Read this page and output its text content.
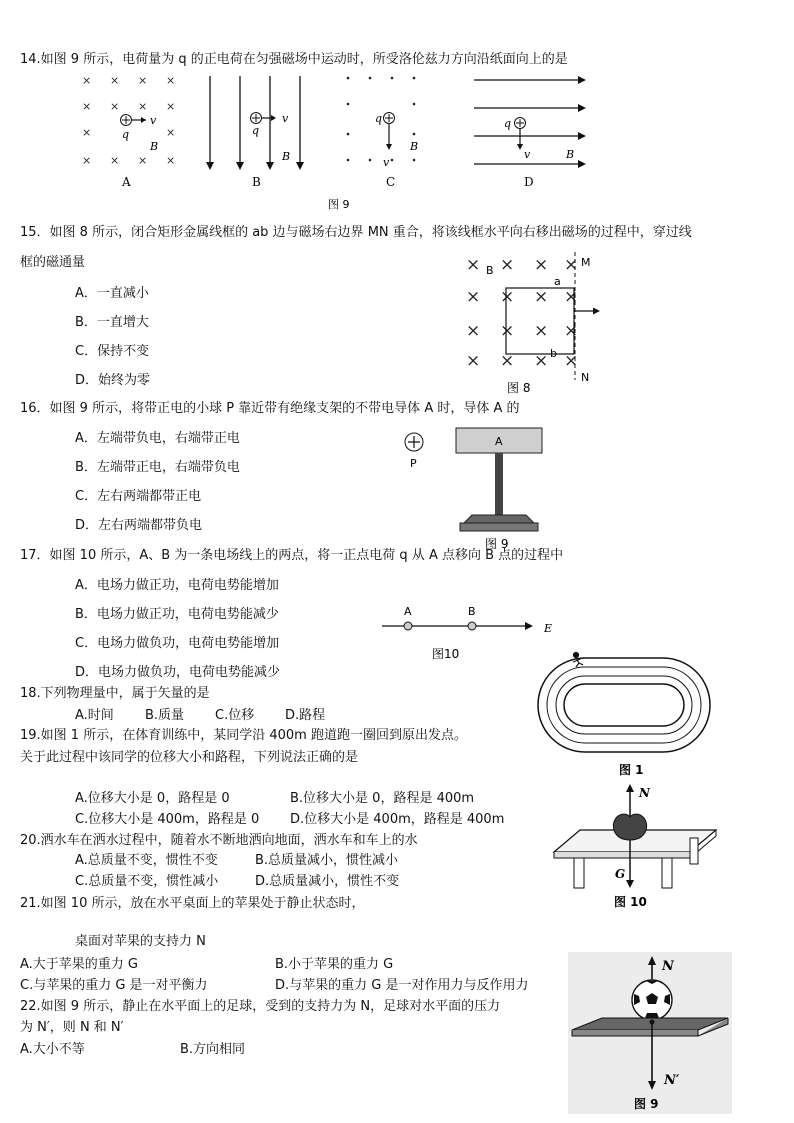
14.如图 9 所示，电荷量为 q 的正电荷在匀强磁场中运动时，所受洛伦兹力方向沿纸面向上的是
× × × ×
× × × ×
×	×
× × × ×
q
v
B
A
q
v
B
B
q
v
B
C
q
v	B
D
图 9
15．如图 8 所示，闭合矩形金属线框的 ab 边与磁场右边界 MN 重合，将该线框水平向右移出磁场的过程中，穿过线
框的磁通量
A．一直减小
B．一直增大
C．保持不变
D．始终为零
× × × ×
×
× × × ×
× × × ×
× × ×
B
M
N
a
b
图 8
16．如图 9 所示，将带正电的小球 P 靠近带有绝缘支架的不带电导体 A 时，导体 A 的
A．左端带负电，右端带正电
B．左端带正电，右端带负电
C．左右两端都带正电
D．左右两端都带负电
P
A
图 9
17．如图 10 所示，A、B 为一条电场线上的两点，将一正点电荷 q 从 A 点移向 B 点的过程中
A．电场力做正功，电荷电势能增加
B．电场力做正功，电荷电势能减少
C．电场力做负功，电荷电势能增加
D．电场力做负功，电荷电势能减少
A	B
E
图10
18.下列物理量中，属于矢量的是
A.时间 B.质量 C.位移 D.路程
图 1
19.如图 1 所示，在体育训练中，某同学沿 400m 跑道跑一圈回到原出发点。
关于此过程中该同学的位移大小和路程，下列说法正确的是
A.位移大小是 0，路程是 0	B.位移大小是 0，路程是 400m
C.位移大小是 400m，路程是 0 D.位移大小是 400m，路程是 400m
N
G
图 10
20.洒水车在洒水过程中，随着水不断地洒向地面，洒水车和车上的水
A.总质量不变，惯性不变	B.总质量减小，惯性减小
C.总质量不变，惯性减小	D.总质量减小，惯性不变
21.如图 10 所示，放在水平桌面上的苹果处于静止状态时，
桌面对苹果的支持力 N
A.大于苹果的重力 G	B.小于苹果的重力 G
C.与苹果的重力 G 是一对平衡力	D.与苹果的重力 G 是一对作用力与反作用力
22.如图 9 所示，静止在水平面上的足球，受到的支持力为 N，足球对水平面的压力
为 N′，则 N 和 N′
A.大小不等	B.方向相同
N
N′
图 9
